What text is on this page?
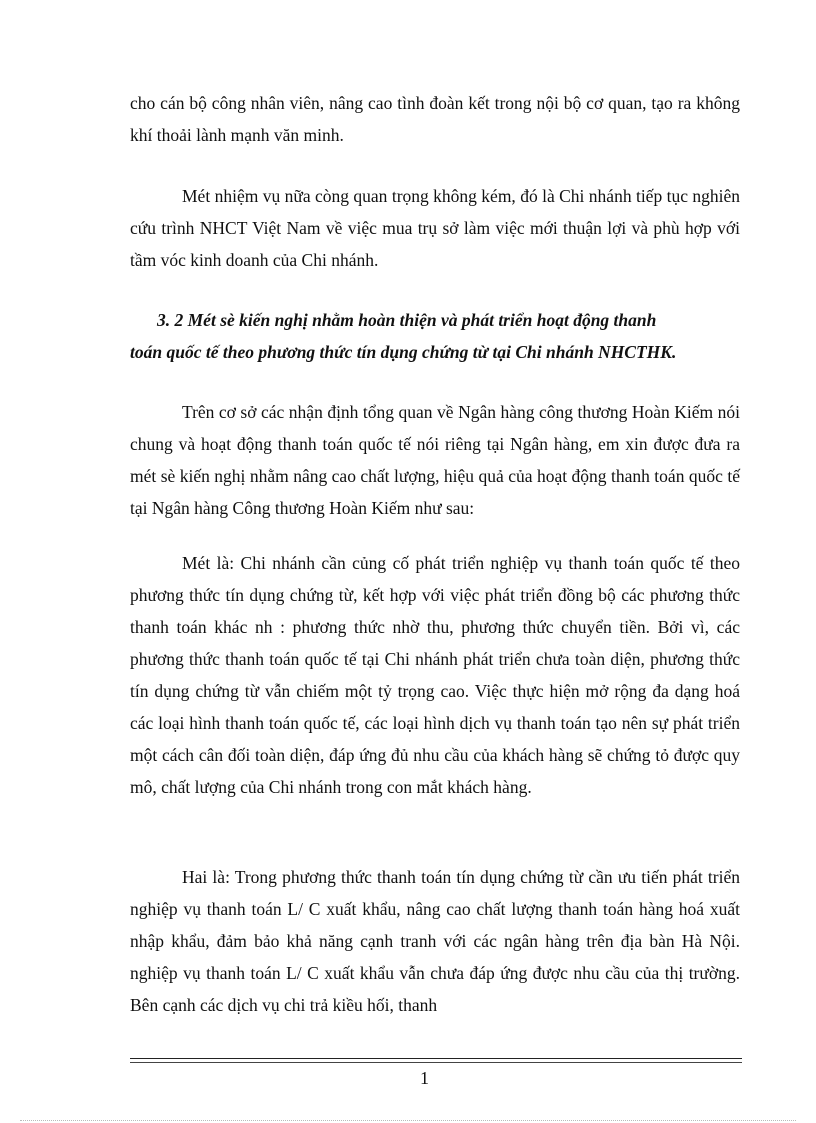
cho cán bộ công nhân viên, nâng cao tình đoàn kết trong nội bộ cơ quan, tạo ra không khí thoải lành mạnh văn minh.

Mét nhiệm vụ nữa còng quan trọng không kém, đó là Chi nhánh tiếp tục nghiên cứu trình NHCT Việt Nam về việc mua trụ sở làm việc mới thuận lợi và phù hợp với tầm vóc kinh doanh của Chi nhánh.

3. 2 Mét sè kiến nghị nhằm hoàn thiện và phát triển hoạt động thanh
toán quốc tế theo phương thức tín dụng chứng từ tại Chi nhánh NHCTHK.

Trên cơ sở các nhận định tổng quan về Ngân hàng công thương Hoàn Kiếm nói chung và hoạt động thanh toán quốc tế nói riêng tại Ngân hàng, em xin được đưa ra mét sè kiến nghị nhằm nâng cao chất lượng, hiệu quả của hoạt động thanh toán quốc tế tại Ngân hàng Công thương Hoàn Kiếm như sau:

Mét là: Chi nhánh cần củng cố phát triển nghiệp vụ thanh toán quốc tế theo phương thức tín dụng chứng từ, kết hợp với việc phát triển đồng bộ các phương thức thanh toán khác nh : phương thức nhờ thu, phương thức chuyển tiền. Bởi vì, các phương thức thanh toán quốc tế tại Chi nhánh phát triển chưa toàn diện, phương thức tín dụng chứng từ vẫn chiếm một tỷ trọng cao. Việc thực hiện mở rộng đa dạng hoá các loại hình thanh toán quốc tế, các loại hình dịch vụ thanh toán tạo nên sự phát triển một cách cân đối toàn diện, đáp ứng đủ nhu cầu của khách hàng sẽ chứng tỏ được quy mô, chất lượng của Chi nhánh trong con mắt khách hàng.

Hai là: Trong phương thức thanh toán tín dụng chứng từ cần ưu tiến phát triển nghiệp vụ thanh toán L/ C xuất khẩu, nâng cao chất lượng thanh toán hàng hoá xuất nhập khẩu, đảm bảo khả năng cạnh tranh với các ngân hàng trên địa bàn Hà Nội. nghiệp vụ thanh toán L/ C xuất khẩu vẫn chưa đáp ứng được nhu cầu của thị trường. Bên cạnh các dịch vụ chi trả kiều hối, thanh

1
